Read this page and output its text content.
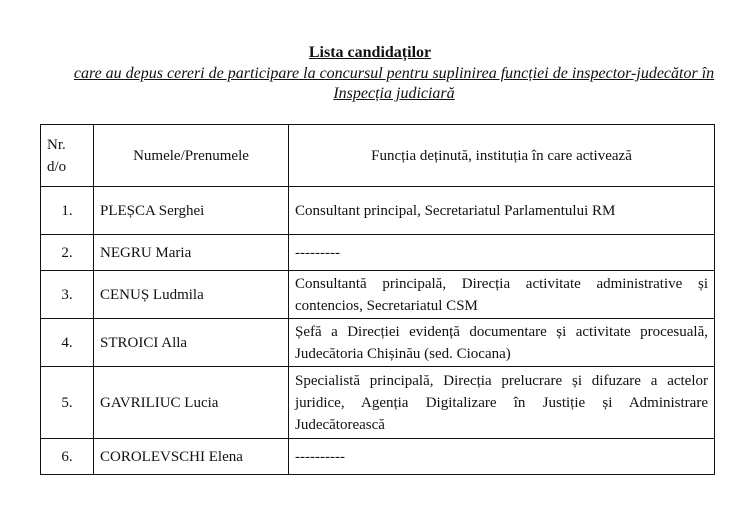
Lista candidaților
care au depus cereri de participare la concursul pentru suplinirea funcției de inspector-judecător în Inspecția judiciară
Nr. d/o	Numele/Prenumele	Funcția deținută, instituția în care activează
1.	PLEȘCA Serghei	Consultant principal, Secretariatul Parlamentului RM
2.	NEGRU Maria	---------
3.	CENUȘ Ludmila	Consultantă principală, Direcția activitate administrative și contencios, Secretariatul CSM
4.	STROICI Alla	Șefă a Direcției evidență documentare și activitate procesuală, Judecătoria Chișinău (sed. Ciocana)
5.	GAVRILIUC Lucia	Specialistă principală, Direcția prelucrare și difuzare a actelor juridice, Agenția Digitalizare în Justiție și Administrare Judecătorească
6.	COROLEVSCHI Elena	----------
